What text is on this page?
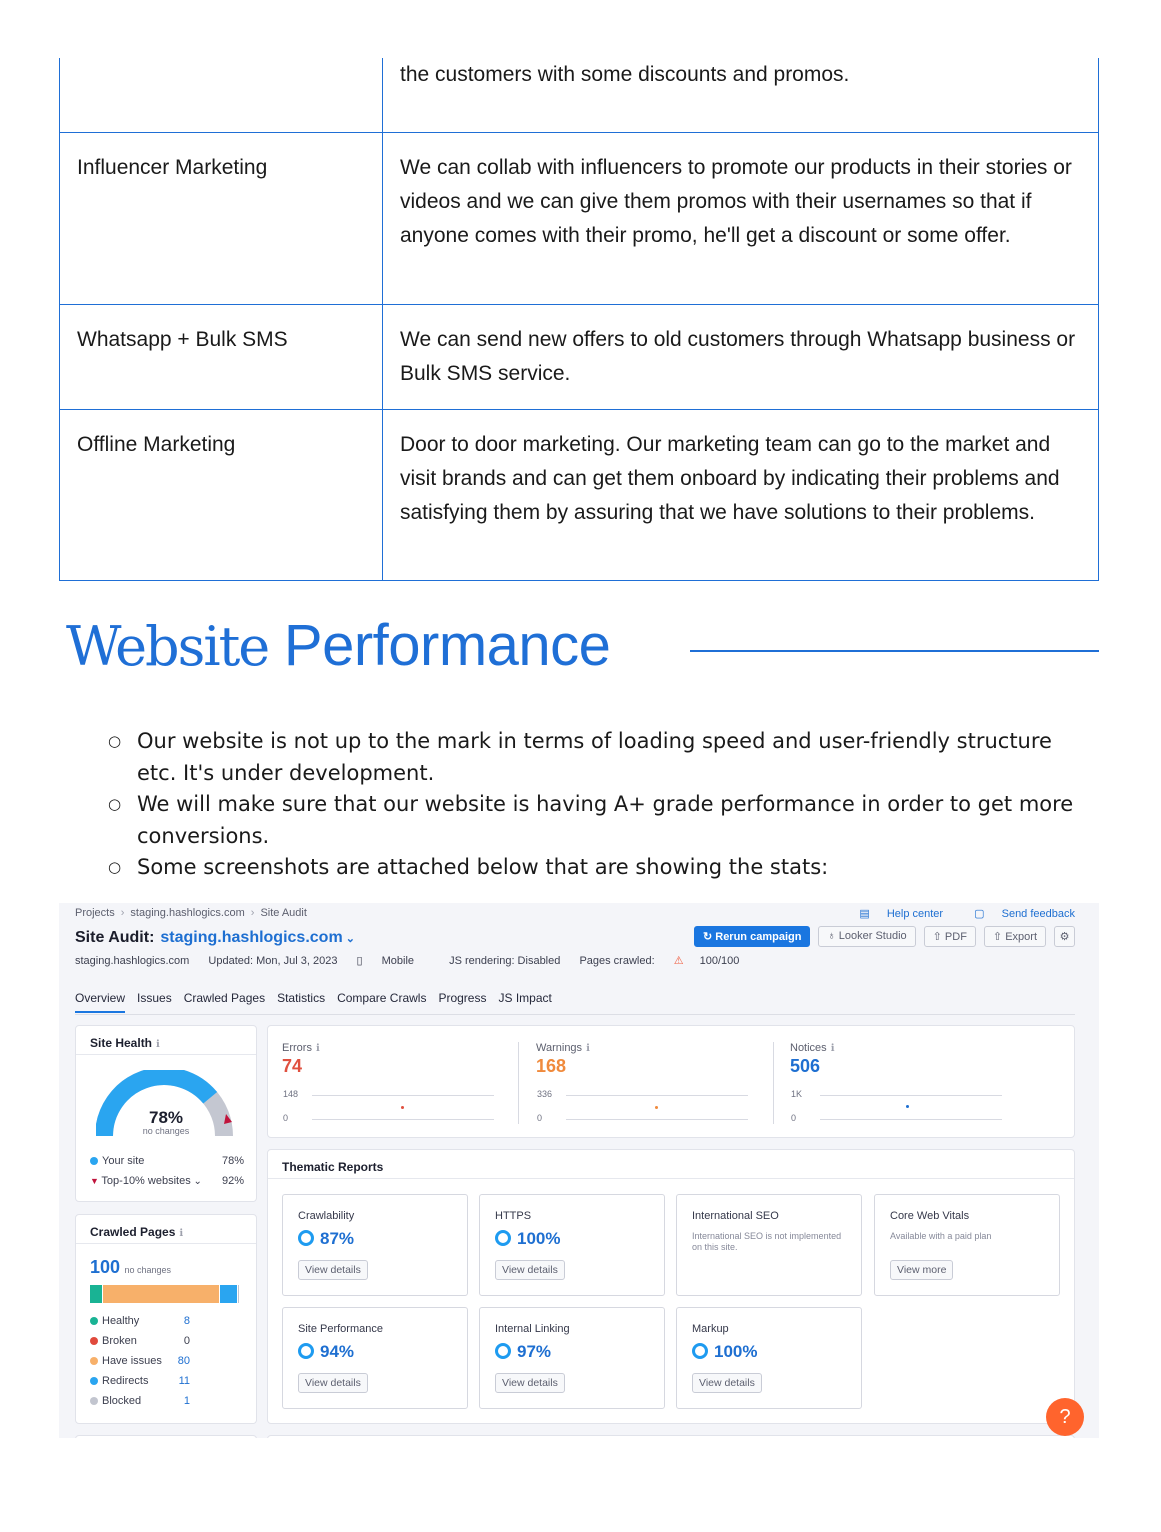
	the customers with some discounts and promos.
Influencer Marketing	We can collab with influencers to promote our products in their stories or videos and we can give them promos with their usernames so that if anyone comes with their promo, he'll get a discount or some offer.
Whatsapp + Bulk SMS	We can send new offers to old customers through Whatsapp business or Bulk SMS service.
Offline Marketing	Door to door marketing. Our marketing team can go to the market and visit brands and can get them onboard by indicating their problems and satisfying them by assuring that we have solutions to their problems.
Website Performance
○ Our website is not up to the mark in terms of loading speed and user-friendly structure etc. It's under development.
○ We will make sure that our website is having A+ grade performance in order to get more conversions.
○ Some screenshots are attached below that are showing the stats:
Projects › staging.hashlogics.com › Site Audit	▤ Help center	▢ Send feedback
Site Audit: staging.hashlogics.com ⌄
staging.hashlogics.com Updated: Mon, Jul 3, 2023 ▯ Mobile	JS rendering: Disabled Pages crawled: ⚠ 100/100
↻ Rerun campaign	♁ Looker Studio	⇧ PDF	⇧ Export	⚙
Overview Issues Crawled Pages Statistics Compare Crawls Progress JS Impact
Site Health ℹ
78%
no changes
Your site	78%
▼ Top-10% websites ⌄ 92%
Crawled Pages ℹ
100 no changes
Healthy	8
Broken	0
Have issues 80
Redirects	11
Blocked	1
Errors ℹ
74
148
0
Warnings ℹ
168
336
0
Notices ℹ
506
1K
0
Thematic Reports
Crawlability
87%
View details
HTTPS
100%
View details
International SEO
International SEO is not implemented on this site.
Core Web Vitals
Available with a paid plan
View more
Site Performance
94%
View details
Internal Linking
97%
View details
Markup
100%
View details
?
